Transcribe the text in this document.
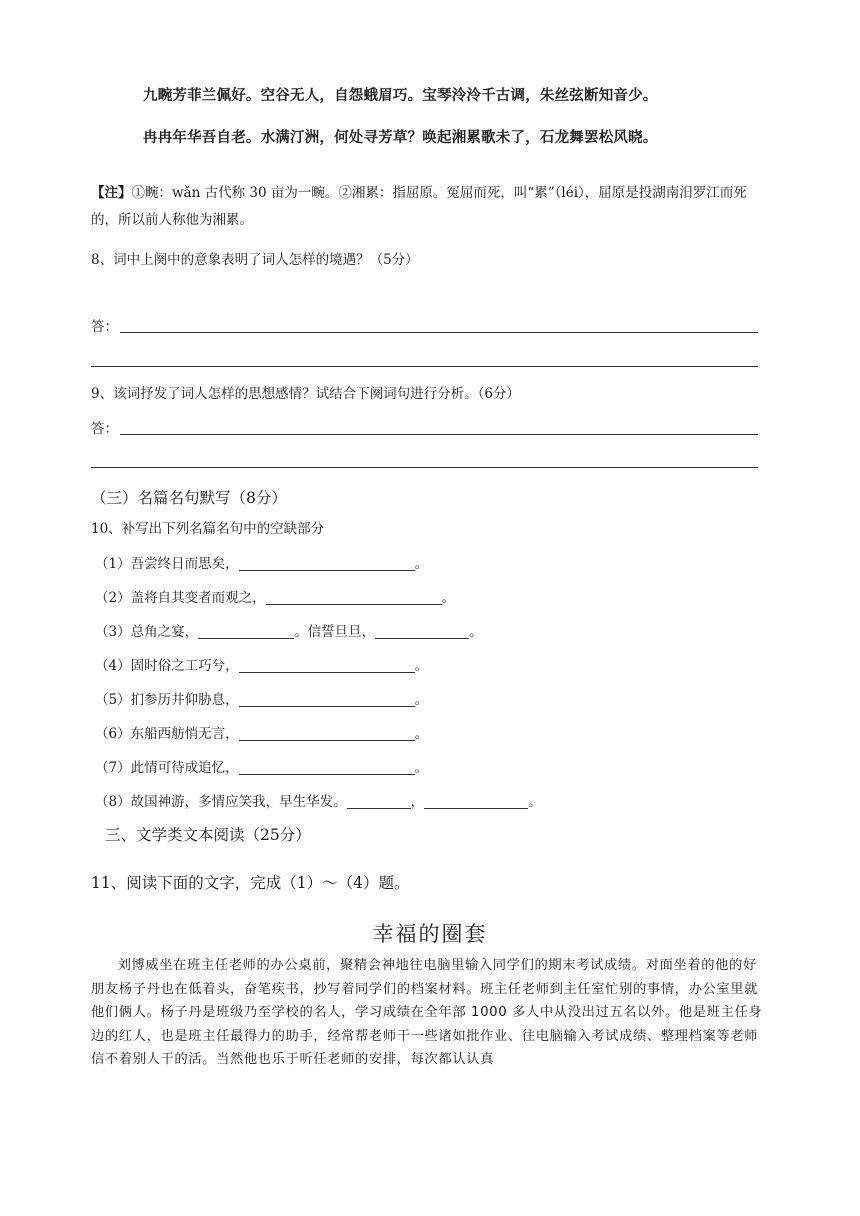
九畹芳菲兰佩好。空谷无人，自怨蛾眉巧。宝琴泠泠千古调，朱丝弦断知音少。
冉冉年华吾自老。水满汀洲，何处寻芳草？唤起湘累歌未了，石龙舞罢松风晓。
【注】①畹：wǎn 古代称 30 亩为一畹。②湘累：指屈原。冤屈而死，叫“累”（léi），屈原是投湖南汨罗江而死的，所以前人称他为湘累。
8、词中上阕中的意象表明了词人怎样的境遇？（5分）
答：
9、该词抒发了词人怎样的思想感情？试结合下阕词句进行分析。（6分）
答：
（三）名篇名句默写（8分）
10、补写出下列名篇名句中的空缺部分
（1）吾尝终日而思矣，	。
（2）盖将自其变者而观之，	。
（3）总角之宴，	。信誓旦旦，	。
（4）固时俗之工巧兮，	。
（5）扪参历井仰胁息，	。
（6）东船西舫悄无言，	。
（7）此情可待成追忆，	。
（8）故国神游，多情应笑我，早生华发。	，	。
三、文学类文本阅读（25分）
11、阅读下面的文字，完成（1）～（4）题。
幸福的圈套
刘博威坐在班主任老师的办公桌前，聚精会神地往电脑里输入同学们的期末考试成绩。对面坐着的他的好朋友杨子丹也在低着头，奋笔疾书，抄写着同学们的档案材料。班主任老师到主任室忙别的事情，办公室里就他们俩人。杨子丹是班级乃至学校的名人，学习成绩在全年部 1000 多人中从没出过五名以外。他是班主任身边的红人，也是班主任最得力的助手，经常帮老师干一些诸如批作业、往电脑输入考试成绩、整理档案等老师信不着别人干的活。当然他也乐于听任老师的安排，每次都认认真
